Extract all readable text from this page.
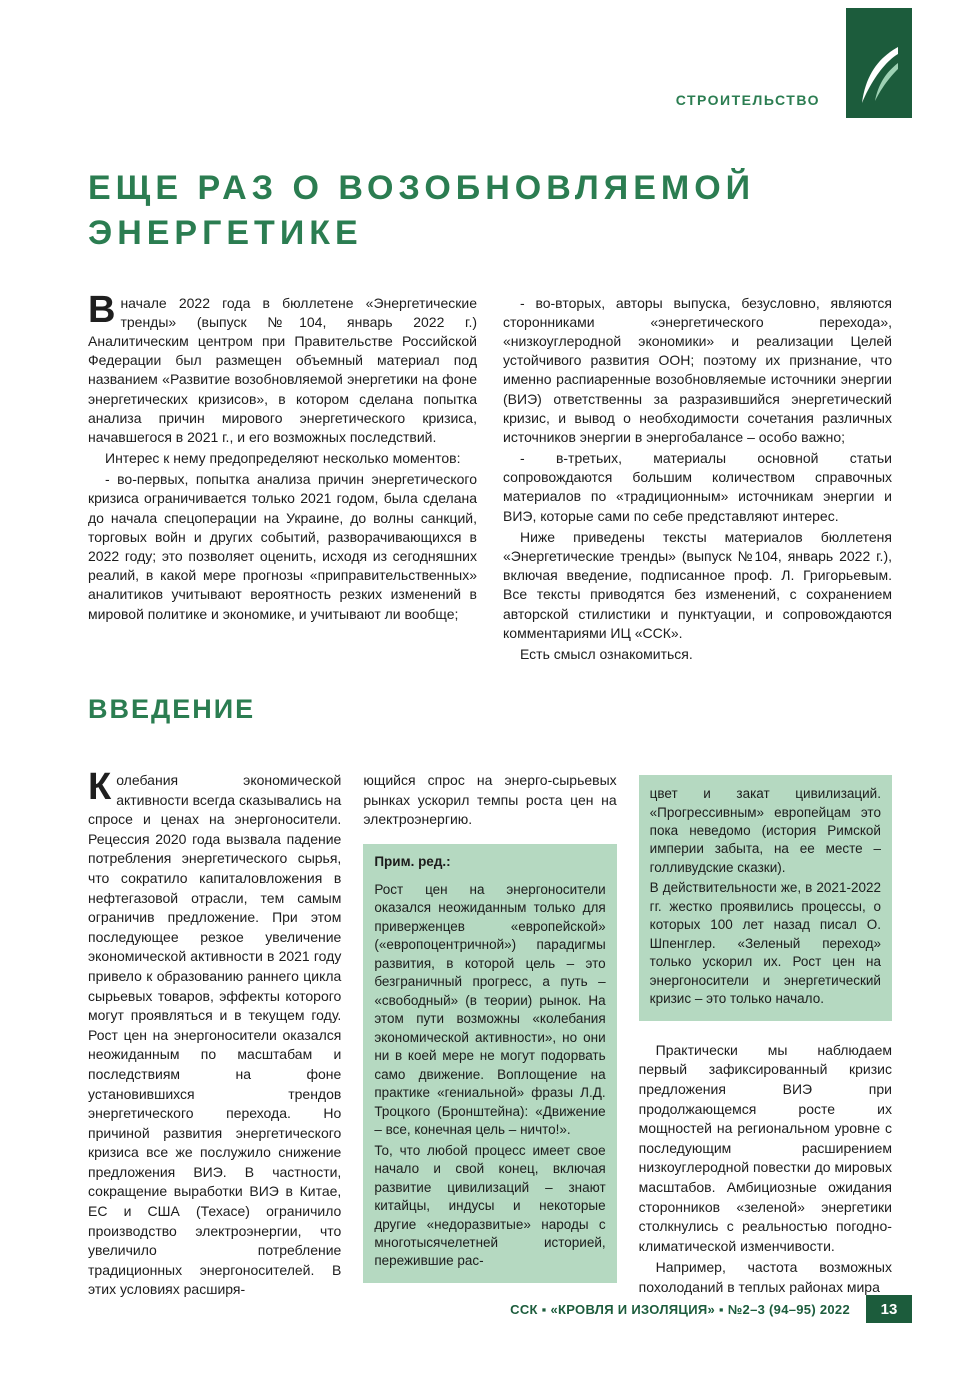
СТРОИТЕЛЬСТВО
ЕЩЕ РАЗ О ВОЗОБНОВЛЯЕМОЙ
ЭНЕРГЕТИКЕ

Вначале 2022 года в бюллетене «Энергетические тренды» (выпуск №104, январь 2022 г.) Аналитическим центром при Правительстве Российской Федерации был размещен объемный материал под названием «Развитие возобновляемой энергетики на фоне энергетических кризисов», в котором сделана попытка анализа причин мирового энергетического кризиса, начавшегося в 2021 г., и его возможных последствий.

Интерес к нему предопределяют несколько моментов:

- во-первых, попытка анализа причин энергетического кризиса ограничивается только 2021 годом, была сделана до начала спецоперации на Украине, до волны санкций, торговых войн и других событий, разворачивающихся в 2022 году; это позволяет оценить, исходя из сегодняшних реалий, в какой мере прогнозы «приправительственных» аналитиков учитывают вероятность резких изменений в мировой политике и экономике, и учитывают ли вообще;

- во-вторых, авторы выпуска, безусловно, являются сторонниками «энергетического перехода», «низкоуглеродной экономики» и реализации Целей устойчивого развития ООН; поэтому их признание, что именно распиаренные возобновляемые источники энергии (ВИЭ) ответственны за разразившийся энергетический кризис, и вывод о необходимости сочетания различных источников энергии в энергобалансе – особо важно;

- в-третьих, материалы основной статьи сопровождаются большим количеством справочных материалов по «традиционным» источникам энергии и ВИЭ, которые сами по себе представляют интерес.

Ниже приведены тексты материалов бюллетеня «Энергетические тренды» (выпуск №104, январь 2022 г.), включая введение, подписанное проф. Л. Григорьевым. Все тексты приводятся без изменений, с сохранением авторской стилистики и пунктуации, и сопровождаются комментариями ИЦ «ССК».

Есть смысл ознакомиться.

ВВЕДЕНИЕ

Колебания экономической активности всегда сказывались на спросе и ценах на энергоносители. Рецессия 2020 года вызвала падение потребления энергетического сырья, что сократило капиталовложения в нефтегазовой отрасли, тем самым ограничив предложение. При этом последующее резкое увеличение экономической активности в 2021 году привело к образованию раннего цикла сырьевых товаров, эффекты которого могут проявляться и в текущем году. Рост цен на энергоносители оказался неожиданным по масштабам и последствиям на фоне установившихся трендов энергетического перехода. Но причиной развития энергетического кризиса все же послужило снижение предложения ВИЭ. В частности, сокращение выработки ВИЭ в Китае, ЕС и США (Техасе) ограничило производство электроэнергии, что увеличило потребление традиционных энергоносителей. В этих условиях расширя-

ющийся спрос на энерго-сырьевых рынках ускорил темпы роста цен на электроэнергию.

Прим. ред.:

Рост цен на энергоносители оказался неожиданным только для приверженцев «европейской» («европоцентричной») парадигмы развития, в которой цель – это безграничный прогресс, а путь – «свободный» (в теории) рынок. На этом пути возможны «колебания экономической активности», но они ни в коей мере не могут подорвать само движение. Воплощение на практике «гениальной» фразы Л.Д. Троцкого (Бронштейна): «Движение – все, конечная цель – ничто!».

То, что любой процесс имеет свое начало и свой конец, включая развитие цивилизаций – знают китайцы, индусы и некоторые другие «недоразвитые» народы с многотысячелетней историей, пережившие рас-

цвет и закат цивилизаций. «Прогрессивным» европейцам это пока неведомо (история Римской империи забыта, на ее месте – голливудские сказки).

В действительности же, в 2021-2022 гг. жестко проявились процессы, о которых 100 лет назад писал О. Шпенглер. «Зеленый переход» только ускорил их. Рост цен на энергоносители и энергетический кризис – это только начало.

Практически мы наблюдаем первый зафиксированный кризис предложения ВИЭ при продолжающемся росте их мощностей на региональном уровне с последующим расширением низкоуглеродной повестки до мировых масштабов. Амбициозные ожидания сторонников «зеленой» энергетики столкнулись с реальностью погодно-климатической изменчивости.

Например, частота возможных похолоданий в теплых районах мира

ССК ▪ «КРОВЛЯ И ИЗОЛЯЦИЯ» ▪ №2–3 (94–95) 2022	13
